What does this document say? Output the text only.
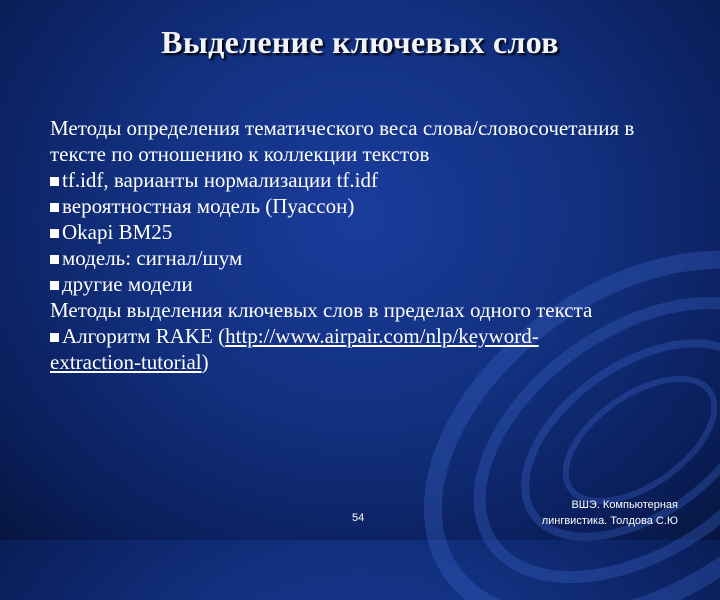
Выделение ключевых слов

Методы определения тематического веса слова/словосочетания в тексте по отношению к коллекции текстов

tf.idf, варианты нормализации tf.idf

вероятностная модель (Пуассон)

Okapi BM25

модель: сигнал/шум

другие модели

Методы выделения ключевых слов в пределах одного текста

Алгоритм RAKE (http://www.airpair.com/nlp/keyword-
extraction-tutorial)

54
ВШЭ. Компьютерная
лингвистика. Толдова С.Ю
